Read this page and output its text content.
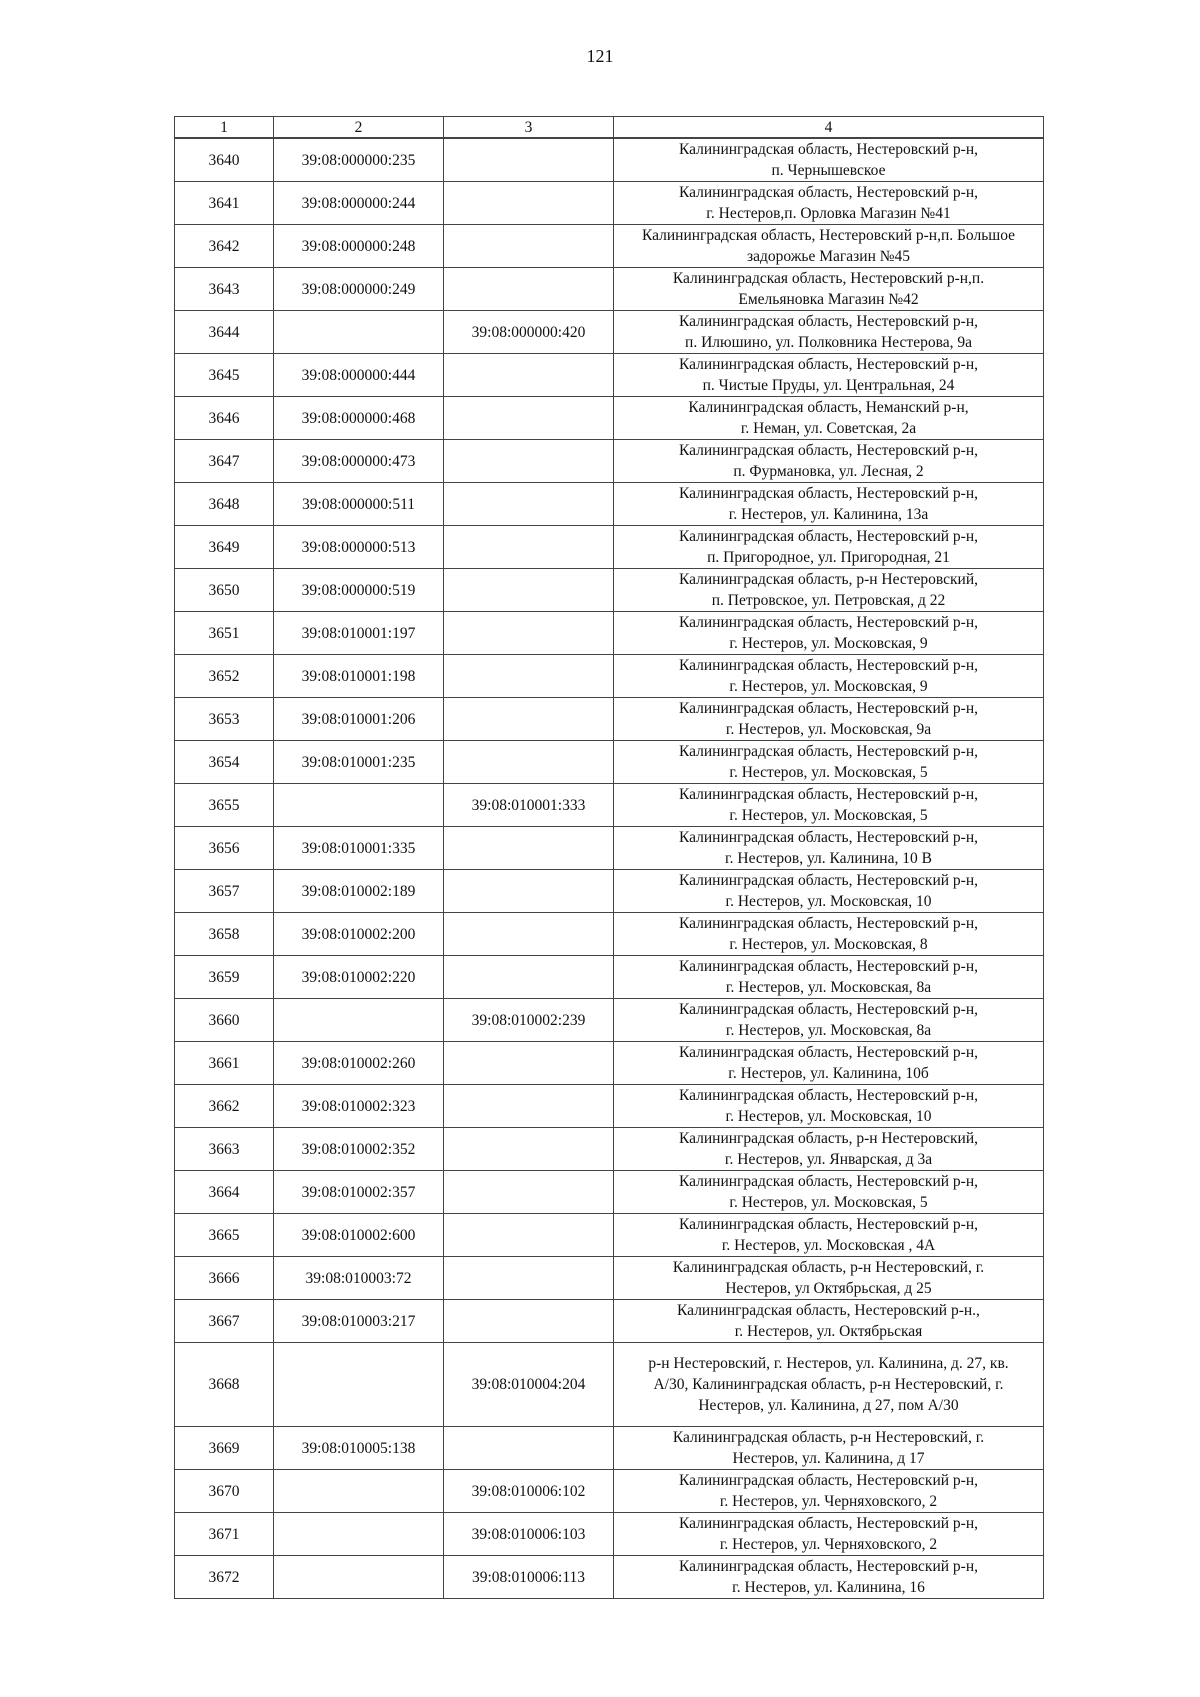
121
1	2	3	4
3640	39:08:000000:235		Калининградская область, Нестеровский р-н,
п. Чернышевское
3641	39:08:000000:244		Калининградская область, Нестеровский р-н,
г. Нестеров,п. Орловка Магазин №41
3642	39:08:000000:248		Калининградская область, Нестеровский р-н,п. Большое
задорожье Магазин №45
3643	39:08:000000:249		Калининградская область, Нестеровский р-н,п.
Емельяновка Магазин №42
3644		39:08:000000:420	Калининградская область, Нестеровский р-н,
п. Илюшино, ул. Полковника Нестерова, 9а
3645	39:08:000000:444		Калининградская область, Нестеровский р-н,
п. Чистые Пруды, ул. Центральная, 24
3646	39:08:000000:468		Калининградская область, Неманский р-н,
г. Неман, ул. Советская, 2а
3647	39:08:000000:473		Калининградская область, Нестеровский р-н,
п. Фурмановка, ул. Лесная, 2
3648	39:08:000000:511		Калининградская область, Нестеровский р-н,
г. Нестеров, ул. Калинина, 13а
3649	39:08:000000:513		Калининградская область, Нестеровский р-н,
п. Пригородное, ул. Пригородная, 21
3650	39:08:000000:519		Калининградская область, р-н Нестеровский,
п. Петровское, ул. Петровская, д 22
3651	39:08:010001:197		Калининградская область, Нестеровский р-н,
г. Нестеров, ул. Московская, 9
3652	39:08:010001:198		Калининградская область, Нестеровский р-н,
г. Нестеров, ул. Московская, 9
3653	39:08:010001:206		Калининградская область, Нестеровский р-н,
г. Нестеров, ул. Московская, 9а
3654	39:08:010001:235		Калининградская область, Нестеровский р-н,
г. Нестеров, ул. Московская, 5
3655		39:08:010001:333	Калининградская область, Нестеровский р-н,
г. Нестеров, ул. Московская, 5
3656	39:08:010001:335		Калининградская область, Нестеровский р-н,
г. Нестеров, ул. Калинина, 10 В
3657	39:08:010002:189		Калининградская область, Нестеровский р-н,
г. Нестеров, ул. Московская, 10
3658	39:08:010002:200		Калининградская область, Нестеровский р-н,
г. Нестеров, ул. Московская, 8
3659	39:08:010002:220		Калининградская область, Нестеровский р-н,
г. Нестеров, ул. Московская, 8а
3660		39:08:010002:239	Калининградская область, Нестеровский р-н,
г. Нестеров, ул. Московская, 8а
3661	39:08:010002:260		Калининградская область, Нестеровский р-н,
г. Нестеров, ул. Калинина, 10б
3662	39:08:010002:323		Калининградская область, Нестеровский р-н,
г. Нестеров, ул. Московская, 10
3663	39:08:010002:352		Калининградская область, р-н Нестеровский,
г. Нестеров, ул. Январская, д 3а
3664	39:08:010002:357		Калининградская область, Нестеровский р-н,
г. Нестеров, ул. Московская, 5
3665	39:08:010002:600		Калининградская область, Нестеровский р-н,
г. Нестеров, ул. Московская , 4А
3666	39:08:010003:72		Калининградская область, р-н Нестеровский, г.
Нестеров, ул Октябрьская, д 25
3667	39:08:010003:217		Калининградская область, Нестеровский р-н.,
г. Нестеров, ул. Октябрьская
3668		39:08:010004:204	р-н Нестеровский, г. Нестеров, ул. Калинина, д. 27, кв.
А/30, Калининградская область, р-н Нестеровский, г.
Нестеров, ул. Калинина, д 27, пом А/30
3669	39:08:010005:138		Калининградская область, р-н Нестеровский, г.
Нестеров, ул. Калинина, д 17
3670		39:08:010006:102	Калининградская область, Нестеровский р-н,
г. Нестеров, ул. Черняховского, 2
3671		39:08:010006:103	Калининградская область, Нестеровский р-н,
г. Нестеров, ул. Черняховского, 2
3672		39:08:010006:113	Калининградская область, Нестеровский р-н,
г. Нестеров, ул. Калинина, 16
